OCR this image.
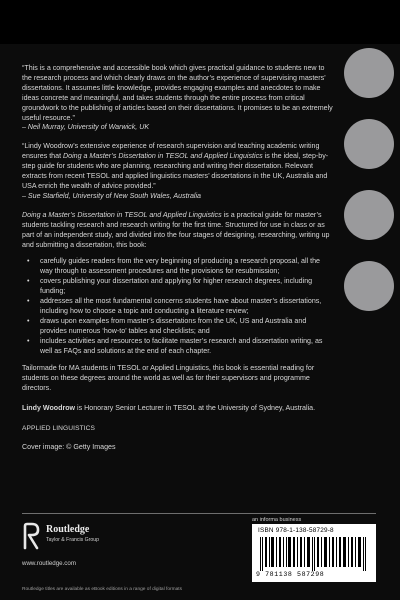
“This is a comprehensive and accessible book which gives practical guidance to students new to the research process and which clearly draws on the author’s experience of supervising masters’ dissertations. It assumes little knowledge, provides engaging examples and anecdotes to make ideas concrete and meaningful, and takes students through the entire process from critical groundwork to the publishing of articles based on their dissertations. It promises to be an extremely useful resource.”

– Neil Murray, University of Warwick, UK

“Lindy Woodrow’s extensive experience of research supervision and teaching academic writing ensures that Doing a Master’s Dissertation in TESOL and Applied Linguistics is the ideal, step-by-step guide for students who are planning, researching and writing their dissertation. Relevant extracts from recent TESOL and applied linguistics masters’ dissertations in the UK, Australia and USA enrich the wealth of advice provided.”

– Sue Starfield, University of New South Wales, Australia

Doing a Master’s Dissertation in TESOL and Applied Linguistics is a practical guide for master’s students tackling research and research writing for the first time. Structured for use in class or as part of an independent study, and divided into the four stages of designing, researching, writing up and submitting a dissertation, this book:

• carefully guides readers from the very beginning of producing a research proposal, all the way through to assessment procedures and the provisions for resubmission;
• covers publishing your dissertation and applying for higher research degrees, including funding;
• addresses all the most fundamental concerns students have about master’s dissertations, including how to choose a topic and conducting a literature review;
• draws upon examples from master’s dissertations from the UK, US and Australia and provides numerous ‘how-to’ tables and checklists; and
• includes activities and resources to facilitate master’s research and dissertation writing, as well as FAQs and solutions at the end of each chapter.

Tailormade for MA students in TESOL or Applied Linguistics, this book is essential reading for students on these degrees around the world as well as for their supervisors and programme directors.

Lindy Woodrow is Honorary Senior Lecturer in TESOL at the University of Sydney, Australia.

APPLIED LINGUISTICS

Cover image: © Getty Images

Routledge
Taylor & Francis Group
www.routledge.com
an informa business
ISBN 978-1-138-58729-8
9 781138 587298
Routledge titles are available as eBook editions in a range of digital formats
